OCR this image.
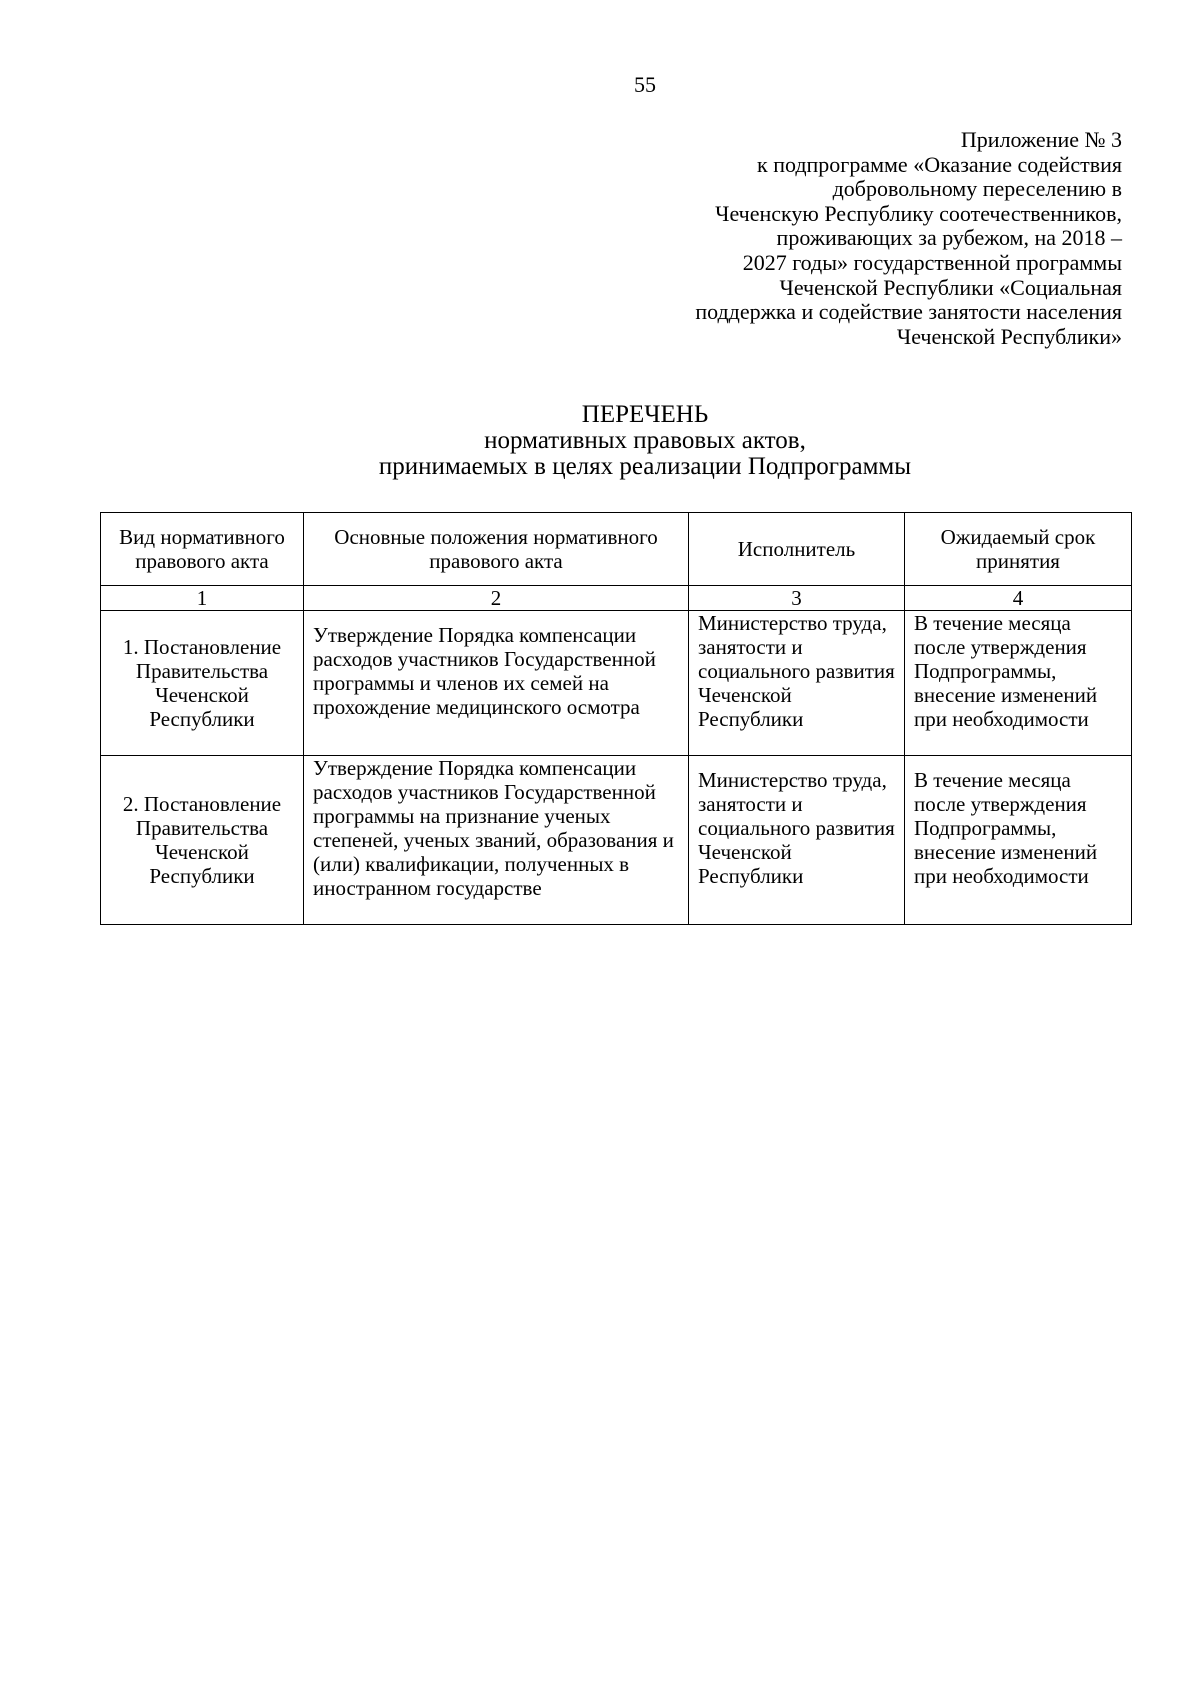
55
Приложение № 3
к подпрограмме «Оказание содействия
добровольному переселению в
Чеченскую Республику соотечественников,
проживающих за рубежом, на 2018 –
2027 годы» государственной программы
Чеченской Республики «Социальная
поддержка и содействие занятости населения
Чеченской Республики»
ПЕРЕЧЕНЬ
нормативных правовых актов,
принимаемых в целях реализации Подпрограммы
Вид нормативного правового акта	Основные положения нормативного правового акта	Исполнитель	Ожидаемый срок принятия
1	2	3	4
1. Постановление Правительства Чеченской Республики	Утверждение Порядка компенсации расходов участников Государственной программы и членов их семей на прохождение медицинского осмотра	Министерство труда, занятости и социального развития Чеченской Республики	В течение месяца после утверждения Подпрограммы, внесение изменений при необходимости
2. Постановление Правительства Чеченской Республики	Утверждение Порядка компенсации расходов участников Государственной программы на признание ученых степеней, ученых званий, образования и (или) квалификации, полученных в иностранном государстве	Министерство труда, занятости и социального развития Чеченской Республики	В течение месяца после утверждения Подпрограммы, внесение изменений при необходимости
